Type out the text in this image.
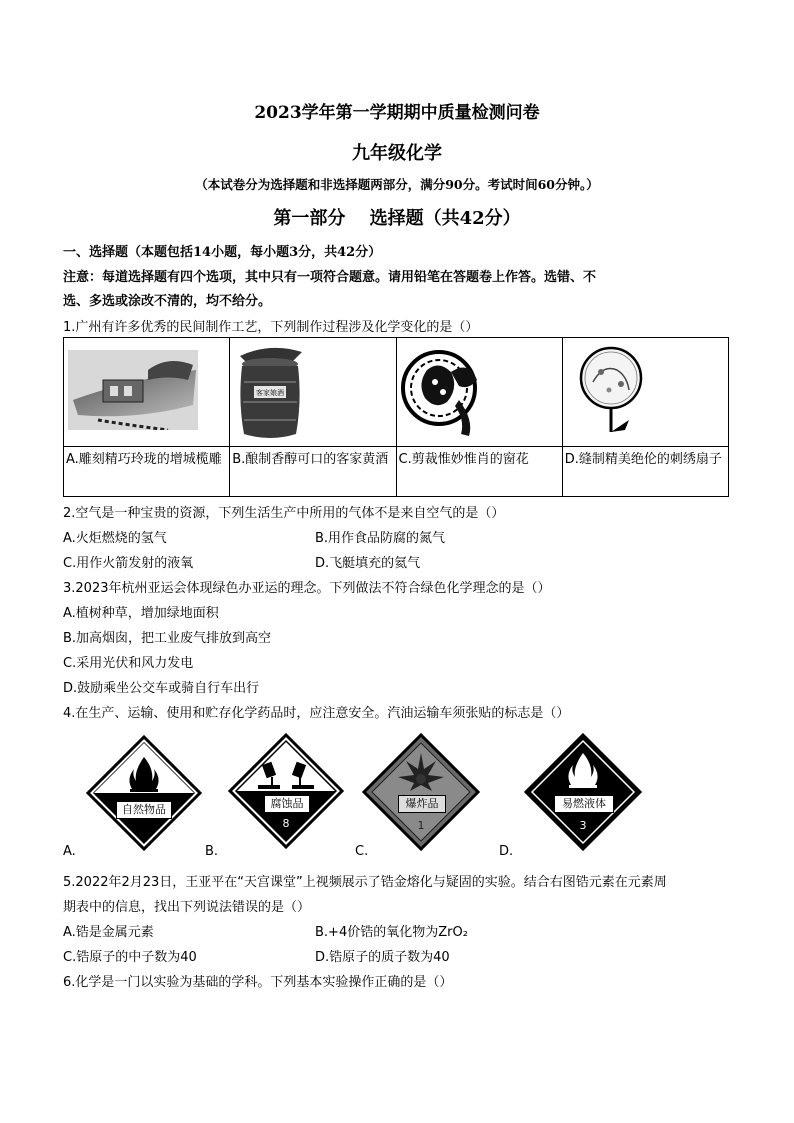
2023学年第一学期期中质量检测问卷
九年级化学
（本试卷分为选择题和非选择题两部分，满分90分。考试时间60分钟。）
第一部分　 选择题（共42分）
一、选择题（本题包括14小题，每小题3分，共42分）
注意：每道选择题有四个选项，其中只有一项符合题意。请用铅笔在答题卷上作答。选错、不
选、多选或涂改不清的，均不给分。
1.广州有许多优秀的民间制作工艺，下列制作过程涉及化学变化的是（）

客家娘酒

A.雕刻精巧玲珑的增城榄雕	B.酿制香醇可口的客家黄酒	C.剪裁惟妙惟肖的窗花	D.缝制精美绝伦的刺绣扇子
2.空气是一种宝贵的资源，下列生活生产中所用的气体不是来自空气的是（）
A.火炬燃烧的氢气	B.用作食品防腐的氮气
C.用作火箭发射的液氧	D.飞艇填充的氦气
3.2023年杭州亚运会体现绿色办亚运的理念。下列做法不符合绿色化学理念的是（）
A.植树种草，增加绿地面积
B.加高烟囱，把工业废气排放到高空
C.采用光伏和风力发电
D.鼓励乘坐公交车或骑自行车出行
4.在生产、运输、使用和贮存化学药品时，应注意安全。汽油运输车须张贴的标志是（）
自然物品
A.
腐蚀品
8
B.
爆炸品
1
C.
易燃液体
3
D.
5.2022年2月23日，王亚平在“天宫课堂”上视频展示了锆金熔化与疑固的实验。结合右图锆元素在元素周
期表中的信息，找出下列说法错误的是（）
A.锆是金属元素	B.+4价锆的氧化物为ZrO₂
C.锆原子的中子数为40	D.锆原子的质子数为40
6.化学是一门以实验为基础的学科。下列基本实验操作正确的是（）
